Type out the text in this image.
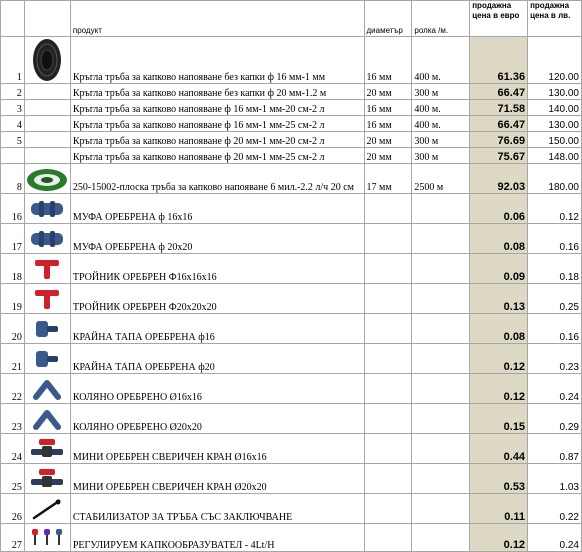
		продукт	диаметър	ролка /м.	продажна цена в евро	продажна цена в лв.
1		Кръгла тръба за капково напояване без капки ф 16 мм-1 мм	16 мм	400 м.	61.36	120.00
2		Кръгла тръба за капково напояване без капки ф 20 мм-1.2 м	20 мм	300 м	66.47	130.00
3		Кръгла тръба за капково напояване ф 16 мм-1 мм-20 см-2 л	16 мм	400 м.	71.58	140.00
4		Кръгла тръба за капково напояване ф 16 мм-1 мм-25 см-2 л	16 мм	400 м.	66.47	130.00
5		Кръгла тръба за капково напояване ф 20 мм-1 мм-20 см-2 л	20 мм	300 м	76.69	150.00
		Кръгла тръба за капково напояване ф 20 мм-1 мм-25 см-2 л	20 мм	300 м	75.67	148.00
8		250-15002-плоска тръба за капково напояване 6 мил.-2.2 л/ч 20 см	17 мм	2500 м	92.03	180.00
16		МУФА ОРЕБРЕНА ф 16х16			0.06	0.12
17		МУФА ОРЕБРЕНА ф 20х20			0.08	0.16
18		ТРОЙНИК ОРЕБРЕН Ф16х16х16			0.09	0.18
19		ТРОЙНИК ОРЕБРЕН Ф20х20х20			0.13	0.25
20		КРАЙНА ТАПА ОРЕБРЕНА ф16			0.08	0.16
21		КРАЙНА ТАПА ОРЕБРЕНА ф20			0.12	0.23
22		КОЛЯНО ОРЕБРЕНО Ø16х16			0.12	0.24
23		КОЛЯНО ОРЕБРЕНО Ø20х20			0.15	0.29
24		МИНИ ОРЕБРЕН СВЕРИЧЕН КРАН Ø16х16			0.44	0.87
25		МИНИ ОРЕБРЕН СВЕРИЧЕН КРАН Ø20х20			0.53	1.03
26		СТАБИЛИЗАТОР ЗА ТРЪБА СЪС ЗАКЛЮЧВАНЕ			0.11	0.22
27		РЕГУЛИРУЕМ КАПКООБРАЗУВАТЕЛ - 4Lt/H			0.12	0.24
